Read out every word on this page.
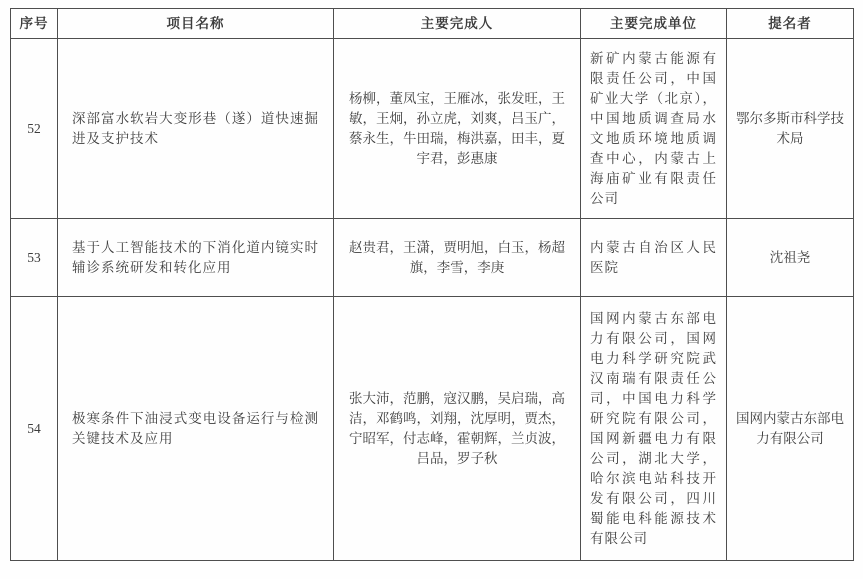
序号	项目名称	主要完成人	主要完成单位	提名者
52	深部富水软岩大变形巷（遂）道快速掘进及支护技术	杨柳，董凤宝，王雁冰，张发旺，王敏，王炯，孙立虎，刘爽，吕玉广，蔡永生，牛田瑞，梅洪嘉，田丰，夏宇君，彭惠康	新矿内蒙古能源有限责任公司，中国矿业大学（北京），中国地质调查局水文地质环境地质调查中心，内蒙古上海庙矿业有限责任公司	鄂尔多斯市科学技术局
53	基于人工智能技术的下消化道内镜实时辅诊系统研发和转化应用	赵贵君，王潇，贾明旭，白玉，杨超旗，李雪，李庚	内蒙古自治区人民医院	沈祖尧
54	极寒条件下油浸式变电设备运行与检测关键技术及应用	张大沛，范鹏，寇汉鹏，吴启瑞，高洁，邓鹤鸣，刘翔，沈厚明，贾杰，宁昭军，付志峰，霍朝辉，兰贞波，吕品，罗子秋	国网内蒙古东部电力有限公司，国网电力科学研究院武汉南瑞有限责任公司，中国电力科学研究院有限公司，国网新疆电力有限公司，湖北大学，哈尔滨电站科技开发有限公司，四川蜀能电科能源技术有限公司	国网内蒙古东部电力有限公司
